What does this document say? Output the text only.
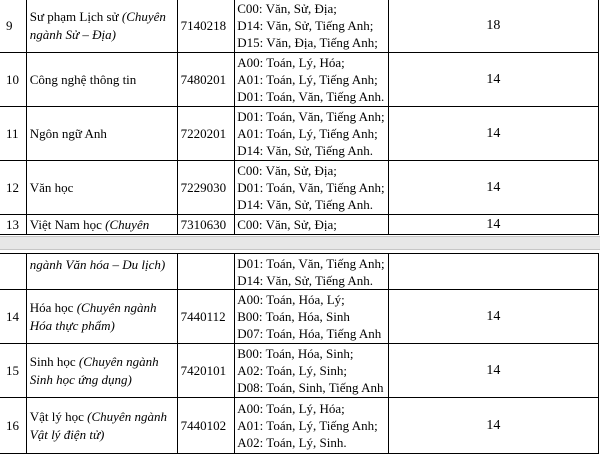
9	Sư phạm Lịch sử (Chuyên ngành Sử – Địa)	7140218	C00: Văn, Sử, Địa;
D14: Văn, Sử, Tiếng Anh;
D15: Văn, Địa, Tiếng Anh;	18
10	Công nghệ thông tin	7480201	A00: Toán, Lý, Hóa;
A01: Toán, Lý, Tiếng Anh;
D01: Toán, Văn, Tiếng Anh.	14
11	Ngôn ngữ Anh	7220201	D01: Toán, Văn, Tiếng Anh;
A01: Toán, Lý, Tiếng Anh;
D14: Văn, Sử, Tiếng Anh.	14
12	Văn học	7229030	C00: Văn, Sử, Địa;
D01: Toán, Văn, Tiếng Anh;
D14: Văn, Sử, Tiếng Anh.	14
13	Việt Nam học (Chuyên	7310630	C00: Văn, Sử, Địa;	14
	ngành Văn hóa – Du lịch)		D01: Toán, Văn, Tiếng Anh;
D14: Văn, Sử, Tiếng Anh.	

14	Hóa học (Chuyên ngành Hóa thực phẩm)	7440112	A00: Toán, Hóa, Lý;
B00: Toán, Hóa, Sinh
D07: Toán, Hóa, Tiếng Anh	14
15	Sinh học (Chuyên ngành Sinh học ứng dụng)	7420101	B00: Toán, Hóa, Sinh;
A02: Toán, Lý, Sinh;
D08: Toán, Sinh, Tiếng Anh	14
16	Vật lý học (Chuyên ngành Vật lý điện tử)	7440102	A00: Toán, Lý, Hóa;
A01: Toán, Lý, Tiếng Anh;
A02: Toán, Lý, Sinh.	14
